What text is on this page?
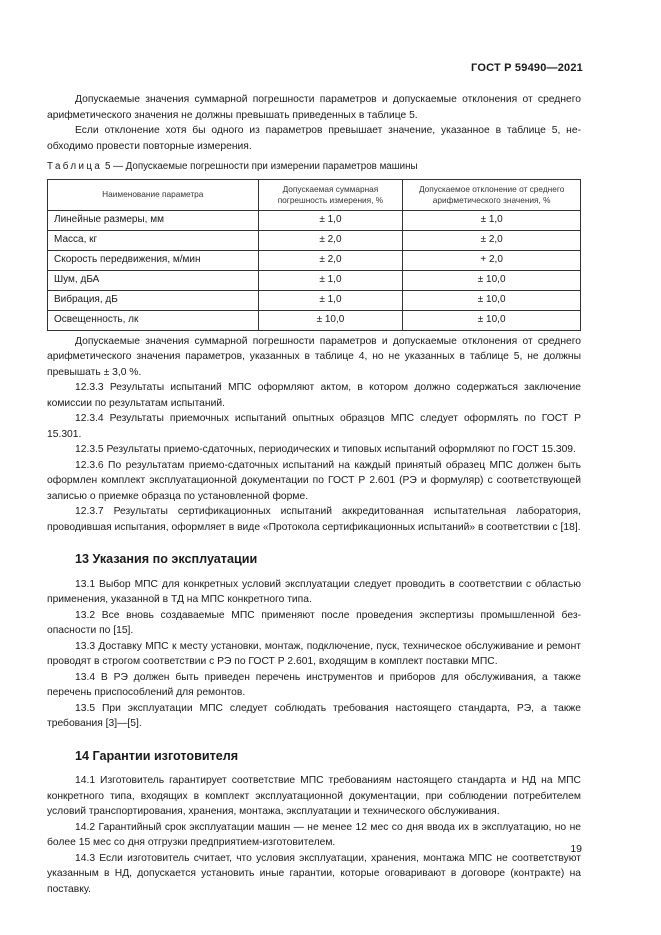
ГОСТ Р 59490—2021

Допускаемые значения суммарной погрешности параметров и допускаемые отклонения от среднего арифметического значения не должны превышать приведенных в таблице 5.

Если отклонение хотя бы одного из параметров превышает значение, указанное в таблице 5, необходимо провести повторные измерения.

Таблица 5 — Допускаемые погрешности при измерении параметров машины
Наименование параметра	Допускаемая суммарная погрешность измерения, %	Допускаемое отклонение от среднего арифметического значения, %
Линейные размеры, мм	± 1,0	± 1,0
Масса, кг	± 2,0	± 2,0
Скорость передвижения, м/мин	± 2,0	+ 2,0
Шум, дБА	± 1,0	± 10,0
Вибрация, дБ	± 1,0	± 10,0
Освещенность, лк	± 10,0	± 10,0

Допускаемые значения суммарной погрешности параметров и допускаемые отклонения от среднего арифметического значения параметров, указанных в таблице 4, но не указанных в таблице 5, не должны превышать ± 3,0 %.

12.3.3 Результаты испытаний МПС оформляют актом, в котором должно содержаться заключение комиссии по результатам испытаний.

12.3.4 Результаты приемочных испытаний опытных образцов МПС следует оформлять по ГОСТ Р 15.301.

12.3.5 Результаты приемо-сдаточных, периодических и типовых испытаний оформляют по ГОСТ 15.309.

12.3.6 По результатам приемо-сдаточных испытаний на каждый принятый образец МПС должен быть оформлен комплект эксплуатационной документации по ГОСТ Р 2.601 (РЭ и формуляр) с соответствующей записью о приемке образца по установленной форме.

12.3.7 Результаты сертификационных испытаний аккредитованная испытательная лаборатория, проводившая испытания, оформляет в виде «Протокола сертификационных испытаний» в соответствии с [18].

13 Указания по эксплуатации

13.1 Выбор МПС для конкретных условий эксплуатации следует проводить в соответствии с областью применения, указанной в ТД на МПС конкретного типа.

13.2 Все вновь создаваемые МПС применяют после проведения экспертизы промышленной безопасности по [15].

13.3 Доставку МПС к месту установки, монтаж, подключение, пуск, техническое обслуживание и ремонт проводят в строгом соответствии с РЭ по ГОСТ Р 2.601, входящим в комплект поставки МПС.

13.4 В РЭ должен быть приведен перечень инструментов и приборов для обслуживания, а также перечень приспособлений для ремонтов.

13.5 При эксплуатации МПС следует соблюдать требования настоящего стандарта, РЭ, а также требования [3]—[5].

14 Гарантии изготовителя

14.1 Изготовитель гарантирует соответствие МПС требованиям настоящего стандарта и НД на МПС конкретного типа, входящих в комплект эксплуатационной документации, при соблюдении потребителем условий транспортирования, хранения, монтажа, эксплуатации и технического обслуживания.

14.2 Гарантийный срок эксплуатации машин — не менее 12 мес со дня ввода их в эксплуатацию, но не более 15 мес со дня отгрузки предприятием-изготовителем.

14.3 Если изготовитель считает, что условия эксплуатации, хранения, монтажа МПС не соответствуют указанным в НД, допускается установить иные гарантии, которые оговаривают в договоре (контракте) на поставку.

19
